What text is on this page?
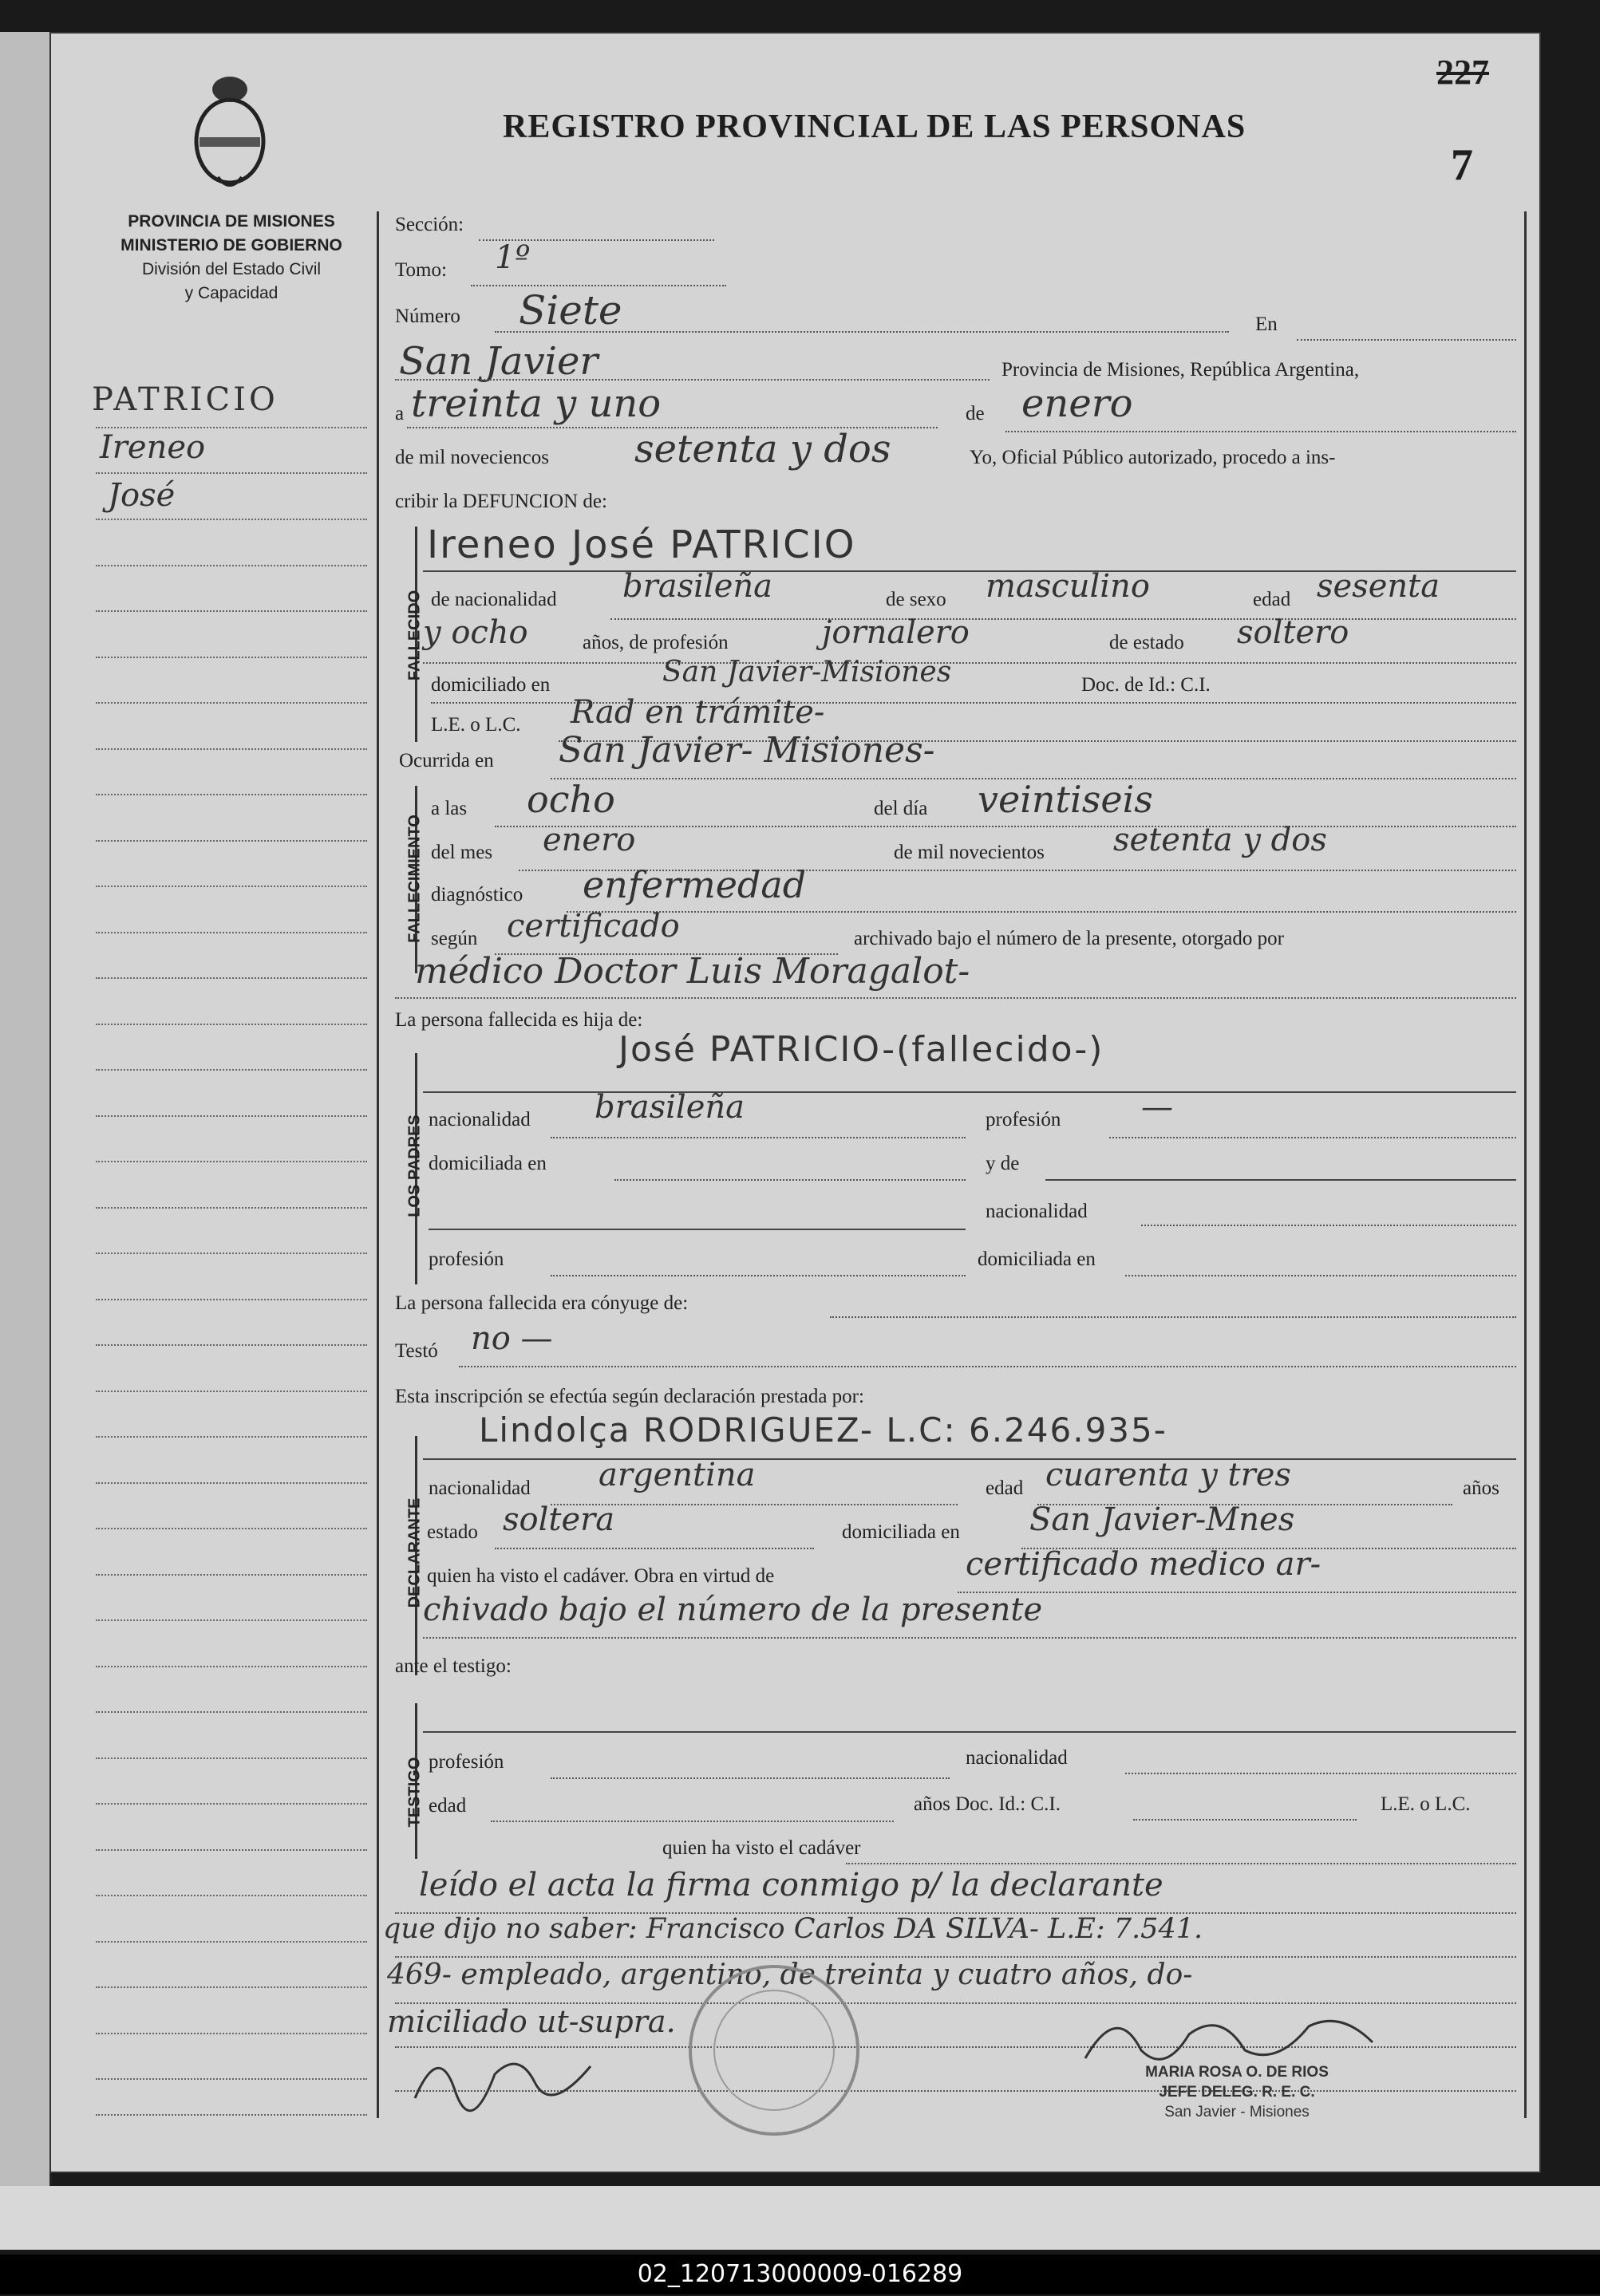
REGISTRO PROVINCIAL DE LAS PERSONAS
227
7
PROVINCIA DE MISIONES
MINISTERIO DE GOBIERNO
División del Estado Civil
y Capacidad
PATRICIO
Ireneo
José
Sección:
Tomo: 1º
Número Siete	En
San Javier	Provincia de Misiones, República Argentina,
a treinta y uno	de enero
de mil noveciencos setenta y dos	Yo, Oficial Público autorizado, procedo a ins-
cribir la DEFUNCION de:
FALLECIDO
Ireneo José PATRICIO
de nacionalidad brasileña	de sexo masculino	edad sesenta
y ocho	años, de profesión	jornalero	de estado soltero
domiciliado en	San Javier-Misiones	Doc. de Id.: C.I.
L.E. o L.C. Rad en trámite-
Ocurrida en San Javier- Misiones-
FALLECIMIENTO
a las ocho	del día veintiseis
del mes enero	de mil novecientos setenta y dos
diagnóstico enfermedad
según certificado	archivado bajo el número de la presente, otorgado por
médico Doctor Luis Moragalot-
La persona fallecida es hija de:
LOS PADRES
José PATRICIO-(fallecido-)
nacionalidad brasileña	profesión	—
domiciliada en	y de
nacionalidad
profesión	domiciliada en
La persona fallecida era cónyuge de:
Testó no —
Esta inscripción se efectúa según declaración prestada por:
DECLARANTE
Lindolça RODRIGUEZ- L.C: 6.246.935-
nacionalidad argentina	edad cuarenta y tres	años
estado soltera	domiciliada en San Javier-Mnes
quien ha visto el cadáver. Obra en virtud de	certificado medico ar-
chivado bajo el número de la presente
ante el testigo:
TESTIGO profesión	nacionalidad
edad	años Doc. Id.: C.I.	L.E. o L.C.
quien ha visto el cadáver
leído el acta la firma conmigo p/ la declarante
que dijo no saber: Francisco Carlos DA SILVA- L.E: 7.541.
469- empleado, argentino, de treinta y cuatro años, do-
miciliado ut-supra.
MARIA ROSA O. DE RIOS
JEFE DELEG. R. E. C.
San Javier - Misiones
02_120713000009-016289
